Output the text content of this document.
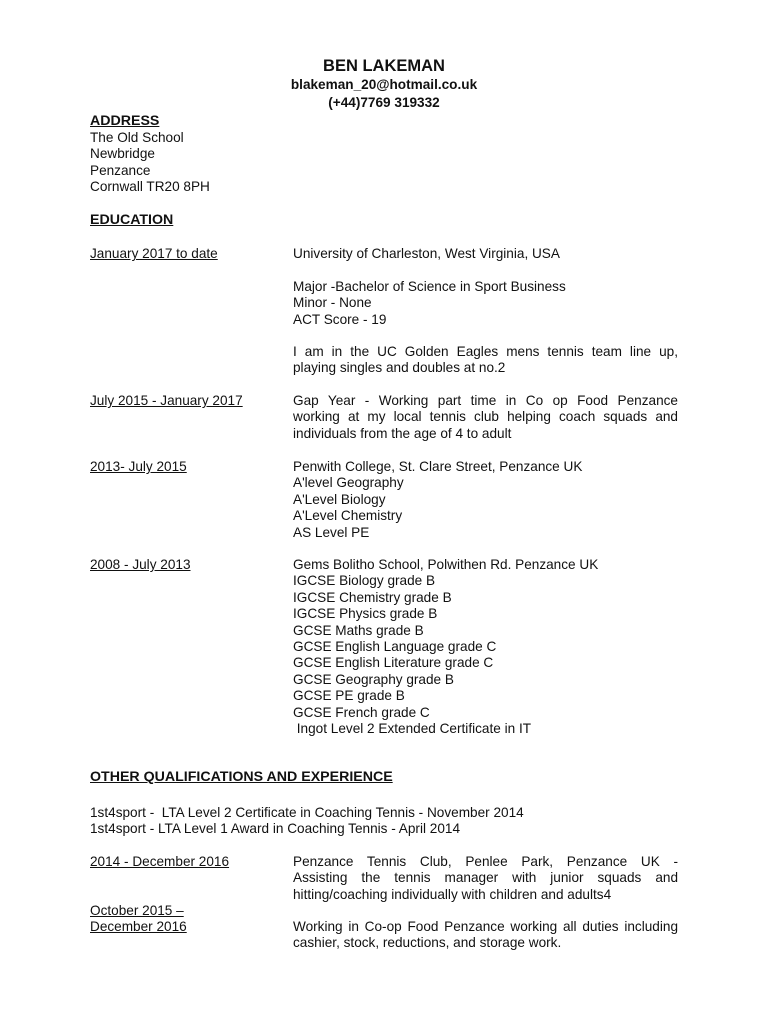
BEN LAKEMAN
blakeman_20@hotmail.co.uk
(+44)7769 319332
ADDRESS
The Old School
Newbridge
Penzance
Cornwall TR20 8PH
EDUCATION
January 2017 to date	University of Charleston, West Virginia, USA
Major -Bachelor of Science in Sport Business
Minor - None
ACT Score - 19
I am in the UC Golden Eagles mens tennis team line up,
playing singles and doubles at no.2
July 2015 - January 2017	Gap Year - Working part time in Co op Food Penzance
working at my local tennis club helping coach squads and
individuals from the age of 4 to adult
2013- July 2015	Penwith College, St. Clare Street, Penzance UK
A'level Geography
A'Level Biology
A'Level Chemistry
AS Level PE
2008 - July 2013	Gems Bolitho School, Polwithen Rd. Penzance UK
IGCSE Biology grade B
IGCSE Chemistry grade B
IGCSE Physics grade B
GCSE Maths grade B
GCSE English Language grade C
GCSE English Literature grade C
GCSE Geography grade B
GCSE PE grade B
GCSE French grade C
Ingot Level 2 Extended Certificate in IT
OTHER QUALIFICATIONS AND EXPERIENCE
1st4sport -  LTA Level 2 Certificate in Coaching Tennis - November 2014
1st4sport - LTA Level 1 Award in Coaching Tennis - April 2014
2014 - December 2016	Penzance Tennis Club, Penlee Park, Penzance UK -
Assisting the tennis manager with junior squads and
hitting/coaching individually with children and adults4
October 2015 –
December 2016	Working in Co-op Food Penzance working all duties including
cashier, stock, reductions, and storage work.
